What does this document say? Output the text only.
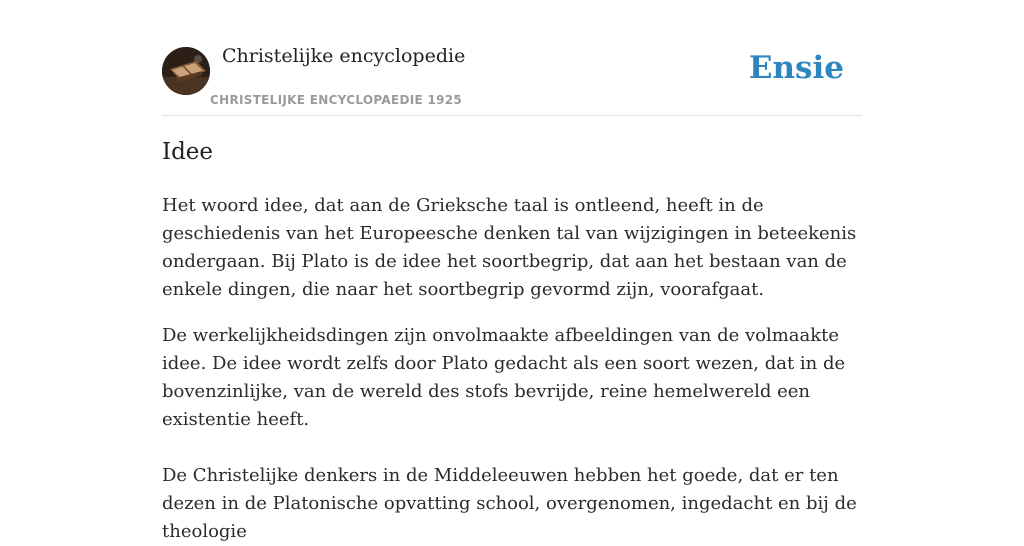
Christelijke encyclopedie
CHRISTELIJKE ENCYCLOPAEDIE 1925
Ensie
Idee

Het woord idee, dat aan de Grieksche taal is ontleend, heeft in de geschiedenis van het Europeesche denken tal van wijzigingen in beteekenis ondergaan. Bij Plato is de idee het soortbegrip, dat aan het bestaan van de enkele dingen, die naar het soortbegrip gevormd zijn, voorafgaat.

De werkelijkheidsdingen zijn onvolmaakte afbeeldingen van de volmaakte idee. De idee wordt zelfs door Plato gedacht als een soort wezen, dat in de bovenzinlijke, van de wereld des stofs bevrijde, reine hemelwereld een existentie heeft.

De Christelijke denkers in de Middeleeuwen hebben het goede, dat er ten dezen in de Platonische opvatting school, overgenomen, ingedacht en bij de theologie
